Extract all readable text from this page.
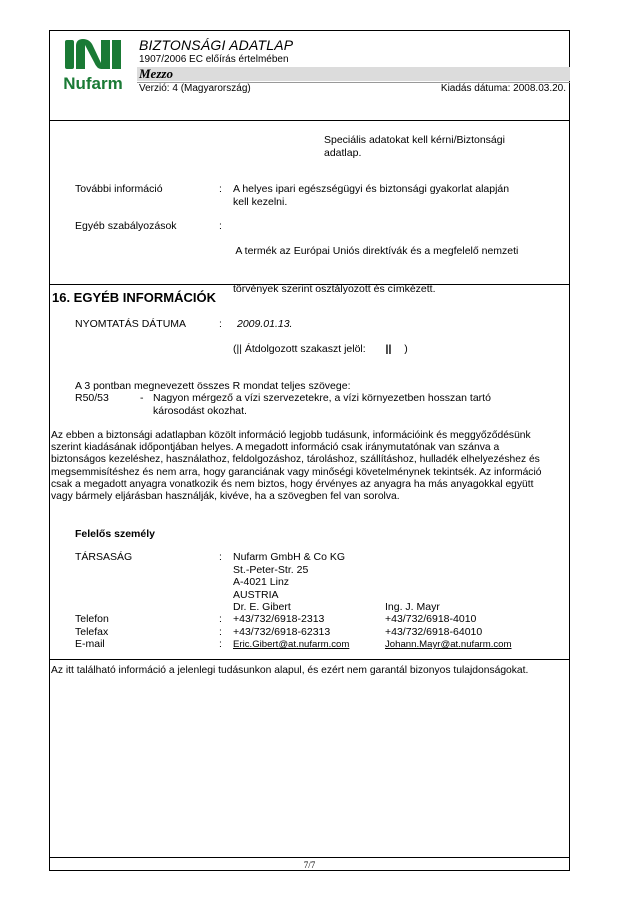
Nufarm
BIZTONSÁGI ADATLAP
1907/2006 EC előírás értelmében
Mezzo
Verzió: 4 (Magyarország)	Kiadás dátuma: 2008.03.20.
Speciális adatokat kell kérni/Biztonsági
adatlap.
További információ	: A helyes ipari egészségügyi és biztonsági gyakorlat alapján
kell kezelni.
Egyéb szabályozások	:

A termék az Európai Uniós direktívák és a megfelelő nemzeti

törvények szerint osztályozott és címkézett.

16. EGYÉB INFORMÁCIÓK
NYOMTATÁS DÁTUMA	: 2009.01.13.
(|| Átdolgozott szakaszt jelöl: || )
A 3 pontban megnevezett összes R mondat teljes szövege:
R50/53	- Nagyon mérgező a vízi szervezetekre, a vízi környezetben hosszan tartó
károsodást okozhat.
Az ebben a biztonsági adatlapban közölt információ legjobb tudásunk, információink és meggyőződésünk
szerint kiadásának időpontjában helyes. A megadott információ csak iránymutatónak van szánva a
biztonságos kezeléshez, használathoz, feldolgozáshoz, tároláshoz, szállításhoz, hulladék elhelyezéshez és
megsemmisítéshez és nem arra, hogy garanciának vagy minőségi követelménynek tekintsék. Az információ
csak a megadott anyagra vonatkozik és nem biztos, hogy érvényes az anyagra ha más anyagokkal együtt
vagy bármely eljárásban használják, kivéve, ha a szövegben fel van sorolva.
Felelős személy
TÁRSASÁG	: Nufarm GmbH & Co KG
St.-Peter-Str. 25
A-4021 Linz
AUSTRIA
Dr. E. Gibert	Ing. J. Mayr
Telefon	: +43/732/6918-2313	+43/732/6918-4010
Telefax	: +43/732/6918-62313	+43/732/6918-64010
E-mail	: Eric.Gibert@at.nufarm.com	Johann.Mayr@at.nufarm.com
Az itt található információ a jelenlegi tudásunkon alapul, és ezért nem garantál bizonyos tulajdonságokat.
7/7
